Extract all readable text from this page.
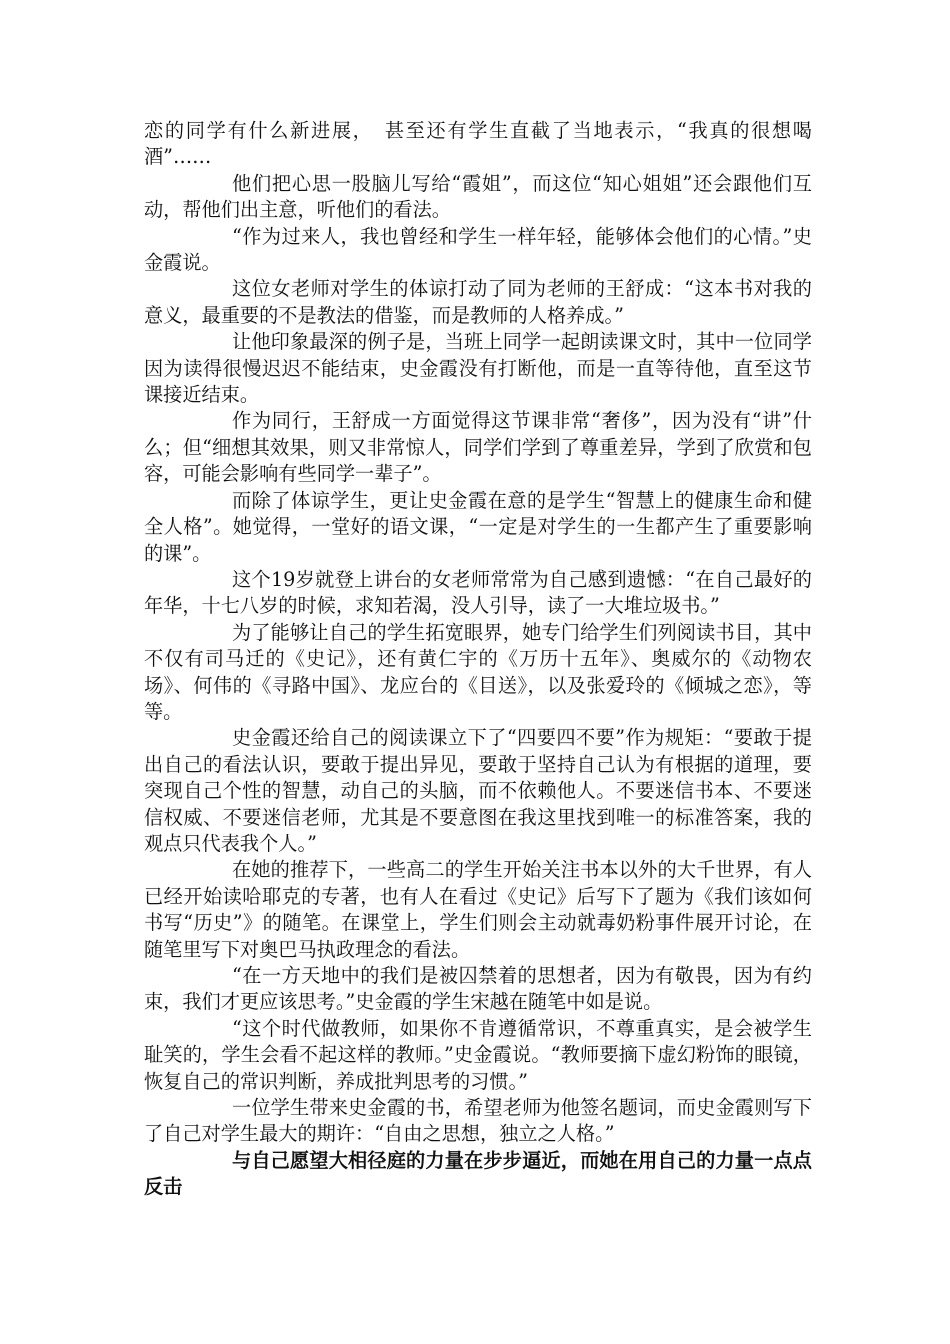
恋的同学有什么新进展，　甚至还有学生直截了当地表示，“我真的很想喝酒”……

他们把心思一股脑儿写给“霞姐”，而这位“知心姐姐”还会跟他们互动，帮他们出主意，听他们的看法。

“作为过来人，我也曾经和学生一样年轻，能够体会他们的心情。”史金霞说。

这位女老师对学生的体谅打动了同为老师的王舒成：“这本书对我的意义，最重要的不是教法的借鉴，而是教师的人格养成。”

让他印象最深的例子是，当班上同学一起朗读课文时，其中一位同学因为读得很慢迟迟不能结束，史金霞没有打断他，而是一直等待他，直至这节课接近结束。

作为同行，王舒成一方面觉得这节课非常“奢侈”，因为没有“讲”什么；但“细想其效果，则又非常惊人，同学们学到了尊重差异，学到了欣赏和包容，可能会影响有些同学一辈子”。

而除了体谅学生，更让史金霞在意的是学生“智慧上的健康生命和健全人格”。她觉得，一堂好的语文课，“一定是对学生的一生都产生了重要影响的课”。

这个19岁就登上讲台的女老师常常为自己感到遗憾：“在自己最好的年华，十七八岁的时候，求知若渴，没人引导，读了一大堆垃圾书。”

为了能够让自己的学生拓宽眼界，她专门给学生们列阅读书目，其中不仅有司马迁的《史记》，还有黄仁宇的《万历十五年》、奥威尔的《动物农场》、何伟的《寻路中国》、龙应台的《目送》，以及张爱玲的《倾城之恋》，等等。

史金霞还给自己的阅读课立下了“四要四不要”作为规矩：“要敢于提出自己的看法认识，要敢于提出异见，要敢于坚持自己认为有根据的道理，要突现自己个性的智慧，动自己的头脑，而不依赖他人。不要迷信书本、不要迷信权威、不要迷信老师，尤其是不要意图在我这里找到唯一的标准答案，我的观点只代表我个人。”

在她的推荐下，一些高二的学生开始关注书本以外的大千世界，有人已经开始读哈耶克的专著，也有人在看过《史记》后写下了题为《我们该如何书写“历史”》的随笔。在课堂上，学生们则会主动就毒奶粉事件展开讨论，在随笔里写下对奥巴马执政理念的看法。

“在一方天地中的我们是被囚禁着的思想者，因为有敬畏，因为有约束，我们才更应该思考。”史金霞的学生宋越在随笔中如是说。

“这个时代做教师，如果你不肯遵循常识，不尊重真实，是会被学生耻笑的，学生会看不起这样的教师。”史金霞说。“教师要摘下虚幻粉饰的眼镜，恢复自己的常识判断，养成批判思考的习惯。”

一位学生带来史金霞的书，希望老师为他签名题词，而史金霞则写下了自己对学生最大的期许：“自由之思想，独立之人格。”

与自己愿望大相径庭的力量在步步逼近，而她在用自己的力量一点点反击
